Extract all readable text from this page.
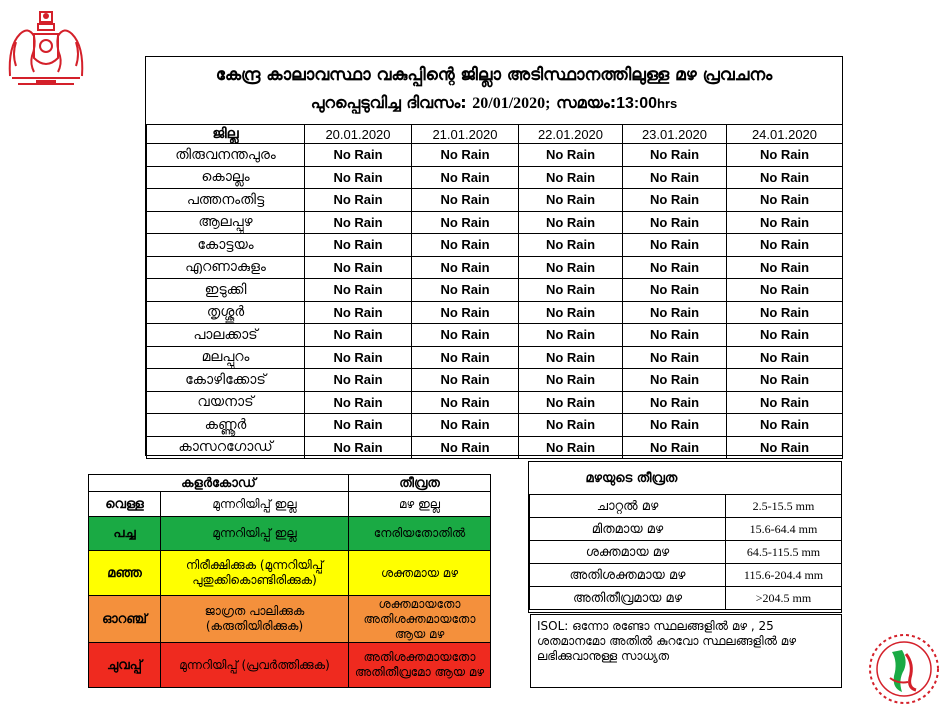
കേന്ദ്ര കാലാവസ്ഥാ വകുപ്പിന്റെ ജില്ലാ അടിസ്ഥാനത്തിലുള്ള മഴ പ്രവചനം
പുറപ്പെടുവിച്ച ദിവസം: 20/01/2020; സമയം:13:00hrs
ജില്ല	20.01.2020	21.01.2020	22.01.2020	23.01.2020	24.01.2020
തിരുവനന്തപുരം	No Rain	No Rain	No Rain	No Rain	No Rain
കൊല്ലം	No Rain	No Rain	No Rain	No Rain	No Rain
പത്തനംതിട്ട	No Rain	No Rain	No Rain	No Rain	No Rain
ആലപ്പുഴ	No Rain	No Rain	No Rain	No Rain	No Rain
കോട്ടയം	No Rain	No Rain	No Rain	No Rain	No Rain
എറണാകുളം	No Rain	No Rain	No Rain	No Rain	No Rain
ഇടുക്കി	No Rain	No Rain	No Rain	No Rain	No Rain
തൃശ്ശൂർ	No Rain	No Rain	No Rain	No Rain	No Rain
പാലക്കാട്	No Rain	No Rain	No Rain	No Rain	No Rain
മലപ്പുറം	No Rain	No Rain	No Rain	No Rain	No Rain
കോഴിക്കോട്	No Rain	No Rain	No Rain	No Rain	No Rain
വയനാട്	No Rain	No Rain	No Rain	No Rain	No Rain
കണ്ണൂർ	No Rain	No Rain	No Rain	No Rain	No Rain
കാസറഗോഡ്	No Rain	No Rain	No Rain	No Rain	No Rain
കളർകോഡ്		തീവ്രത
വെള്ള	മുന്നറിയിപ്പ് ഇല്ല	മഴ ഇല്ല
പച്ച	മുന്നറിയിപ്പ് ഇല്ല	നേരിയതോതിൽ
മഞ്ഞ	നിരീക്ഷിക്കുക (മുന്നറിയിപ്പ് പുതുക്കികൊണ്ടിരിക്കുക)	ശക്തമായ മഴ
ഓറഞ്ച്	ജാഗ്രത പാലിക്കുക (കരുതിയിരിക്കുക)	ശക്തമായതോ അതിശക്തമായതോ ആയ മഴ
ചുവപ്പ്	മുന്നറിയിപ്പ് (പ്രവർത്തിക്കുക)	അതിശക്തമായതോ അതിതീവ്രമോ ആയ മഴ
മഴയുടെ തീവ്രത	
ചാറ്റൽ മഴ	2.5-15.5 mm
മിതമായ മഴ	15.6-64.4 mm
ശക്തമായ മഴ	64.5-115.5 mm
അതിശക്തമായ മഴ	115.6-204.4 mm
അതിതീവ്രമായ മഴ	>204.5 mm
ISOL: ഒന്നോ രണ്ടോ സ്ഥലങ്ങളിൽ മഴ , 25 ശതമാനമോ അതിൽ കുറവോ സ്ഥലങ്ങളിൽ മഴ ലഭിക്കുവാനുള്ള സാധ്യത
